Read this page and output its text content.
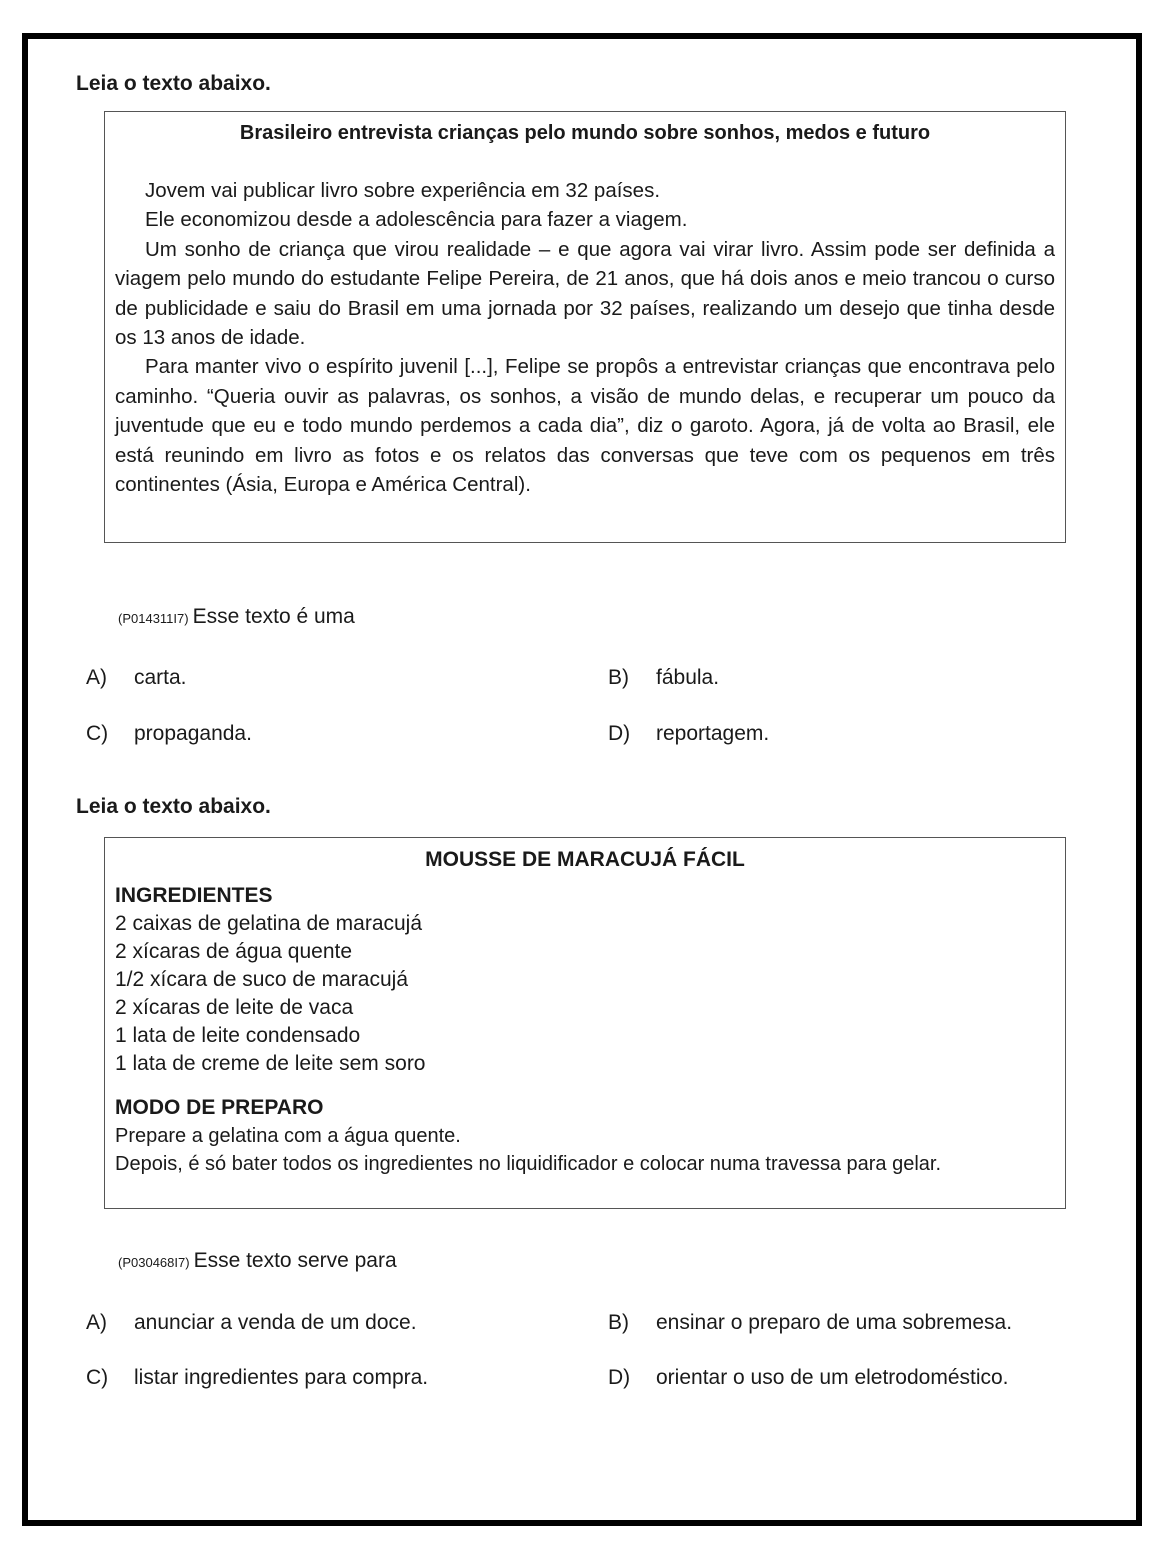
Leia o texto abaixo.
Brasileiro entrevista crianças pelo mundo sobre sonhos, medos e futuro

Jovem vai publicar livro sobre experiência em 32 países.

Ele economizou desde a adolescência para fazer a viagem.

Um sonho de criança que virou realidade – e que agora vai virar livro. Assim pode ser definida a viagem pelo mundo do estudante Felipe Pereira, de 21 anos, que há dois anos e meio trancou o curso de publicidade e saiu do Brasil em uma jornada por 32 países, realizando um desejo que tinha desde os 13 anos de idade.

Para manter vivo o espírito juvenil [...], Felipe se propôs a entrevistar crianças que encontrava pelo caminho. “Queria ouvir as palavras, os sonhos, a visão de mundo delas, e recuperar um pouco da juventude que eu e todo mundo perdemos a cada dia”, diz o garoto. Agora, já de volta ao Brasil, ele está reunindo em livro as fotos e os relatos das conversas que teve com os pequenos em três continentes (Ásia, Europa e América Central).

(P014311I7) Esse texto é uma
A) carta.	B) fábula.
C) propaganda.	D) reportagem.
Leia o texto abaixo.
MOUSSE DE MARACUJÁ FÁCIL

INGREDIENTES

2 caixas de gelatina de maracujá
2 xícaras de água quente
1/2 xícara de suco de maracujá
2 xícaras de leite de vaca
1 lata de leite condensado
1 lata de creme de leite sem soro

MODO DE PREPARO

Prepare a gelatina com a água quente.

Depois, é só bater todos os ingredientes no liquidificador e colocar numa travessa para gelar.

(P030468I7) Esse texto serve para
A) anunciar a venda de um doce.	B) ensinar o preparo de uma sobremesa.
C) listar ingredientes para compra.	D) orientar o uso de um eletrodoméstico.
